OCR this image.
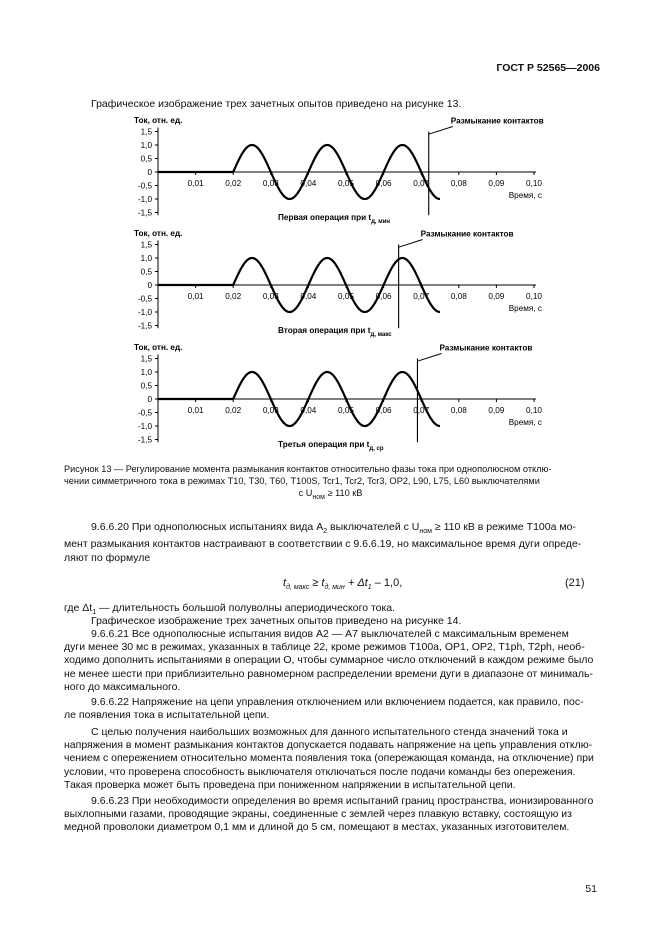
ГОСТ Р 52565—2006
Графическое изображение трех зачетных опытов приведено на рисунке 13.
Ток, отн. ед.
1,5
1,0
0,5
0
-0,5
-1,0
-1,5
0,01	0,02	0,03	0,04	0,05	0,06	0,07	0,08	0,09	0,10
Время, с
Размыкание контактов
Первая операция при $t_{д, мин}$
Ток, отн. ед.
1,5
1,0
0,5
0
-0,5
-1,0
-1,5
0,01	0,02	0,03	0,04	0,05	0,06	0,07	0,08	0,09	0,10
Время, с
Размыкание контактов
Вторая операция при $t_{д, макс}$
Ток, отн. ед.
1,5
1,0
0,5
0
-0,5
-1,0
-1,5
0,01	0,02	0,03	0,04	0,05	0,06	0,07	0,08	0,09	0,10
Время, с
Размыкание контактов
Третья операция при $t_{д, ср}$
Рисунок 13 — Регулирование момента размыкания контактов относительно фазы тока при однополюсном отклю-
чении симметричного тока в режимах Т10, Т30, Т60, Т100S, Tcr1, Tcr2, Tcr3, OP2, L90, L75, L60 выключателями
с $U_{ном} \ge 110$ кВ
9.6.6.20 При однополюсных испытаниях вида $А_2$ выключателей с $U_{ном} \ge 110$ кВ в режиме Т100а мо-
мент размыкания контактов настраивают в соответствии с 9.6.6.19, но максимальное время дуги опреде-
ляют по формуле
$t_{д, макс} \ge t_{д, мин} + \Delta t_1 - 1,0$,	(21)
где $\Delta t_1$ — длительность большой полуволны апериодического тока.
Графическое изображение трех зачетных опытов приведено на рисунке 14.
9.6.6.21 Все однополюсные испытания видов А2 — А7 выключателей с максимальным временем
дуги менее 30 мс в режимах, указанных в таблице 22, кроме режимов Т100а, OP1, OP2, T1ph, T2ph, необ-
ходимо дополнить испытаниями в операции О, чтобы суммарное число отключений в каждом режиме было
не менее шести при приблизительно равномерном распределении времени дуги в диапазоне от минималь-
ного до максимального.
9.6.6.22 Напряжение на цепи управления отключением или включением подается, как правило, пос-
ле появления тока в испытательной цепи.
С целью получения наибольших возможных для данного испытательного стенда значений тока и
напряжения в момент размыкания контактов допускается подавать напряжение на цепь управления отклю-
чением с опережением относительно момента появления тока (опережающая команда, на отключение) при
условии, что проверена способность выключателя отключаться после подачи команды без опережения.
Такая проверка может быть проведена при пониженном напряжении в испытательной цепи.
9.6.6.23 При необходимости определения во время испытаний границ пространства, ионизированного
выхлопными газами, проводящие экраны, соединенные с землей через плавкую вставку, состоящую из
медной проволоки диаметром 0,1 мм и длиной до 5 см, помещают в местах, указанных изготовителем.
51
